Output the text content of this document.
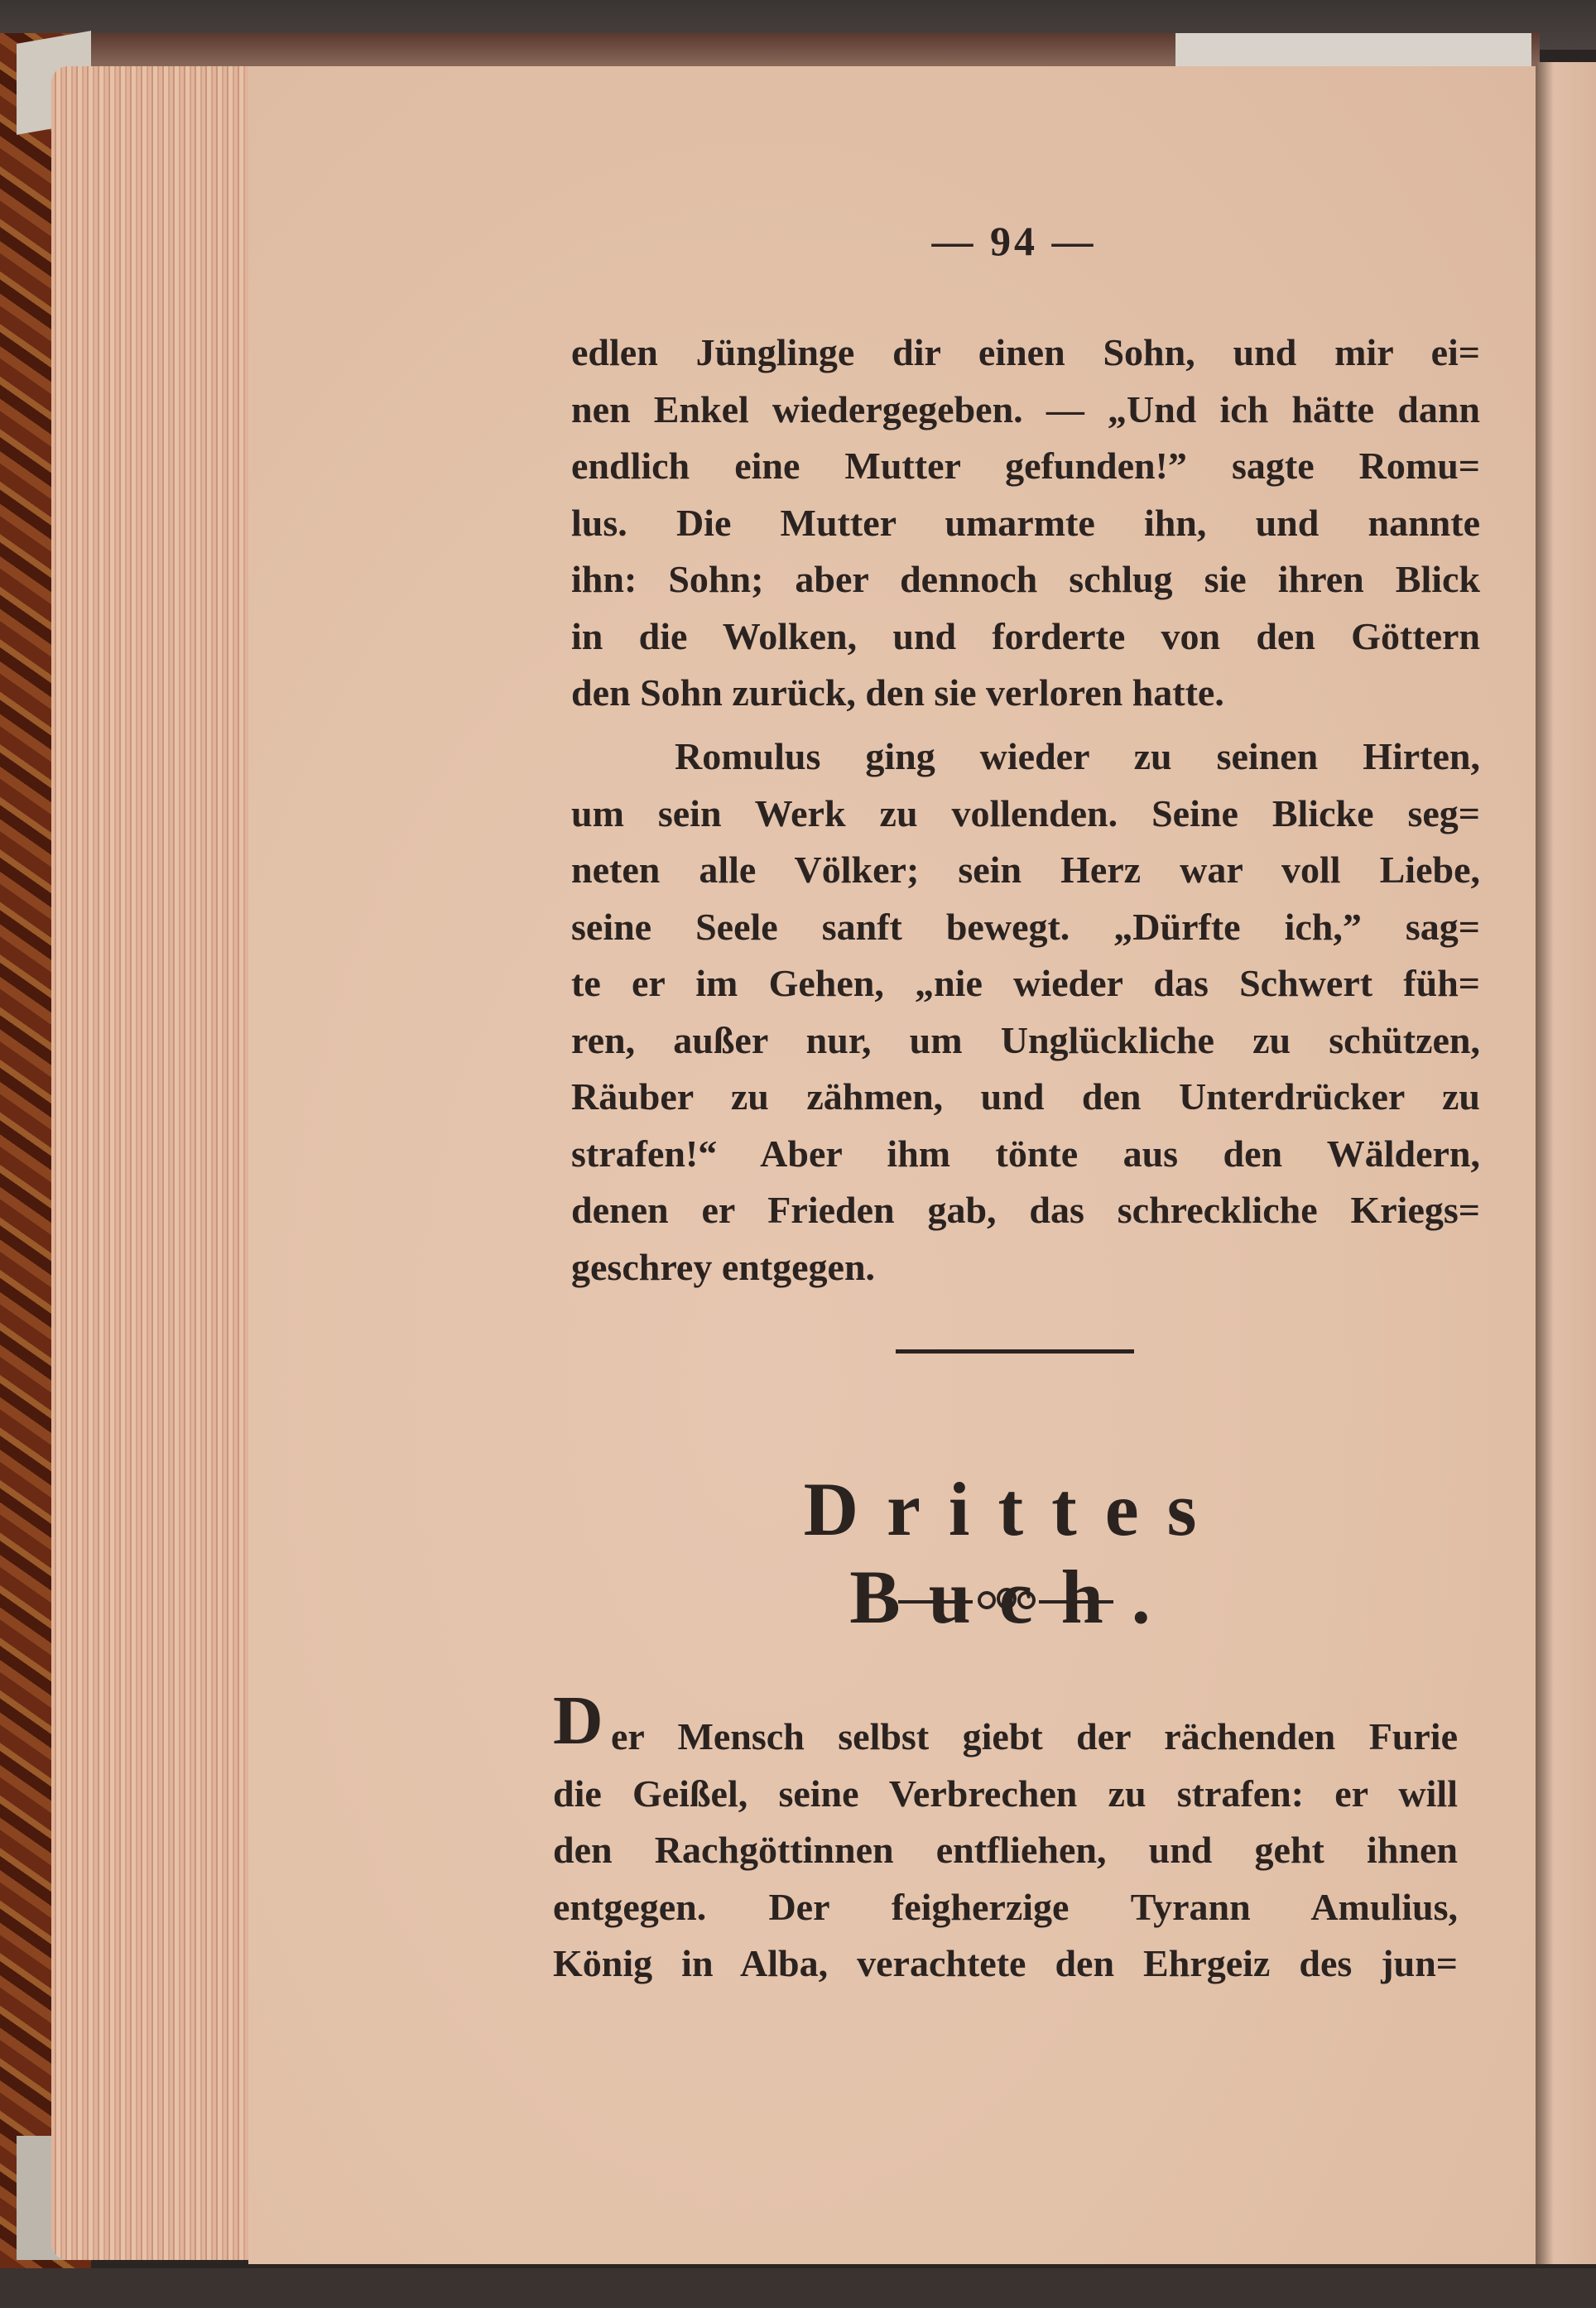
— 94 —
edlen Jünglinge dir einen Sohn, und mir ei=
nen Enkel wiedergegeben. — „Und ich hätte dann
endlich eine Mutter gefunden!” sagte Romu=
lus. Die Mutter umarmte ihn, und nannte
ihn: Sohn; aber dennoch schlug sie ihren Blick
in die Wolken, und forderte von den Göttern
den Sohn zurück, den sie verloren hatte.
Romulus ging wieder zu seinen Hirten,
um sein Werk zu vollenden. Seine Blicke seg=
neten alle Völker; sein Herz war voll Liebe,
seine Seele sanft bewegt. „Dürfte ich,” sag=
te er im Gehen, „nie wieder das Schwert füh=
ren, außer nur, um Unglückliche zu schützen,
Räuber zu zähmen, und den Unterdrücker zu
strafen!“ Aber ihm tönte aus den Wäldern,
denen er Frieden gab, das schreckliche Kriegs=
geschrey entgegen.
Drittes Buch.
er Mensch selbst giebt der rächenden Furie
die Geißel, seine Verbrechen zu strafen: er will
den Rachgöttinnen entfliehen, und geht ihnen
entgegen. Der feigherzige Tyrann Amulius,
König in Alba, verachtete den Ehrgeiz des jun=
D
